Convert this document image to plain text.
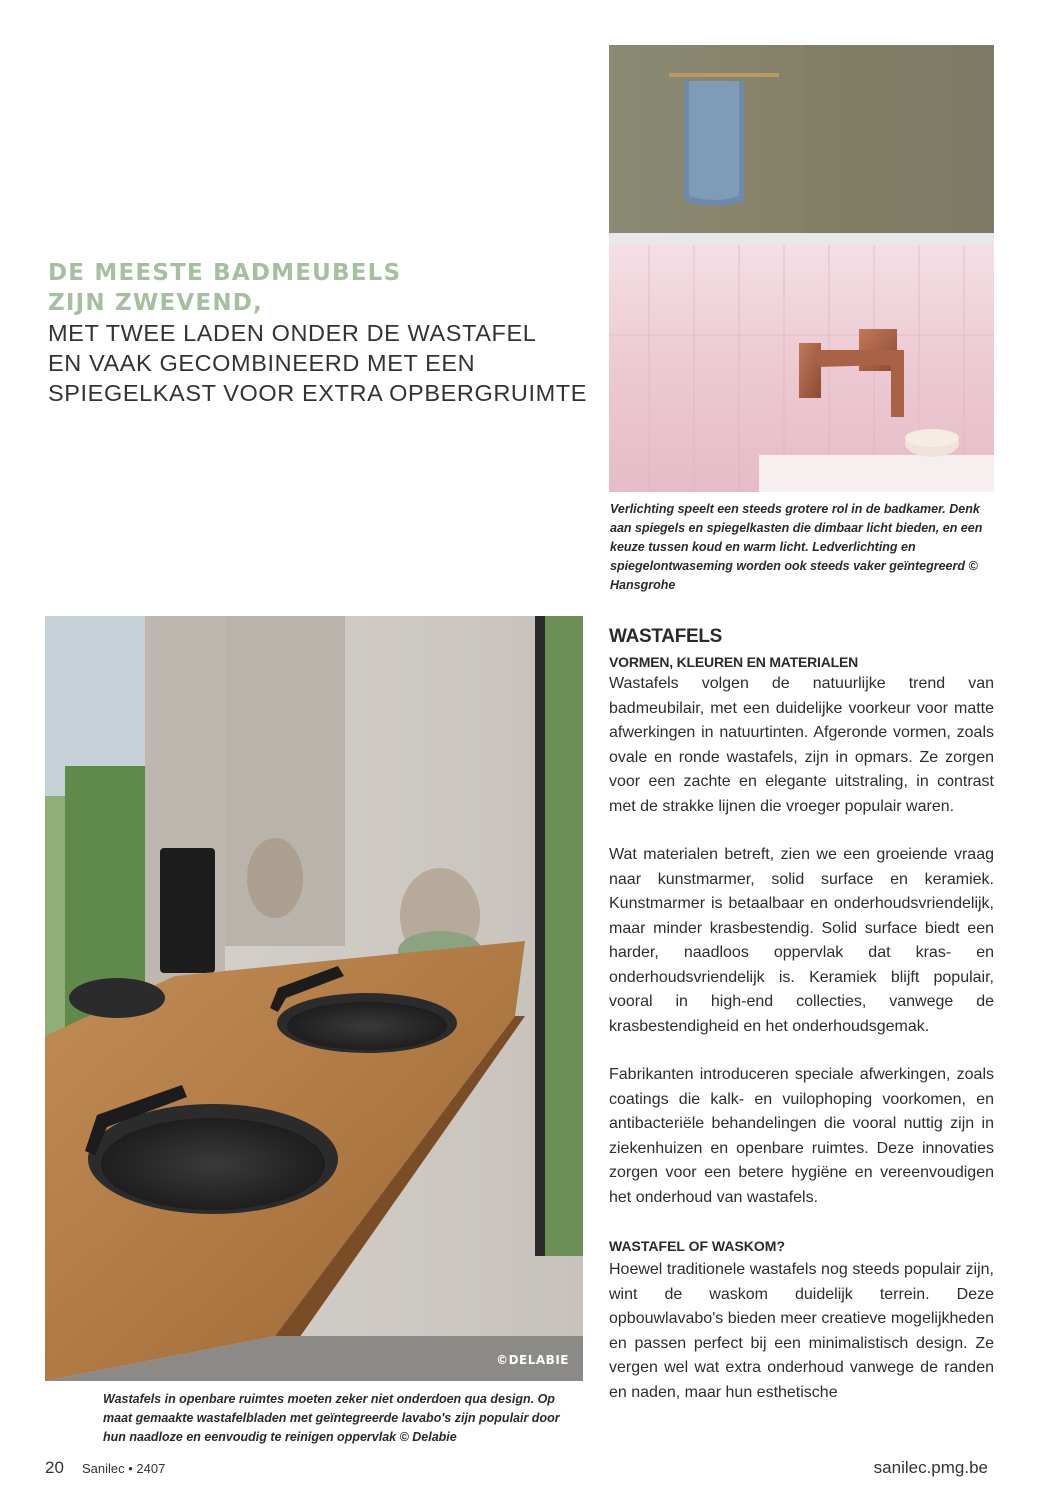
DE MEESTE BADMEUBELS
ZIJN ZWEVEND,
MET TWEE LADEN ONDER DE WASTAFEL
EN VAAK GECOMBINEERD MET EEN
SPIEGELKAST VOOR EXTRA OPBERGRUIMTE
Verlichting speelt een steeds grotere rol in de badkamer. Denk aan spiegels en spiegelkasten die dimbaar licht bieden, en een keuze tussen koud en warm licht. Ledverlichting en spiegelontwaseming worden ook steeds vaker geïntegreerd © Hansgrohe
©DELABIE
Wastafels in openbare ruimtes moeten zeker niet onderdoen qua design. Op maat gemaakte wastafelbladen met geïntegreerde lavabo's zijn populair door hun naadloze en eenvoudig te reinigen oppervlak © Delabie
WASTAFELS
VORMEN, KLEUREN EN MATERIALEN

Wastafels volgen de natuurlijke trend van badmeubilair, met een duidelijke voorkeur voor matte afwerkingen in natuurtinten. Afgeronde vormen, zoals ovale en ronde wastafels, zijn in opmars. Ze zorgen voor een zachte en elegante uitstraling, in contrast met de strakke lijnen die vroeger populair waren.

Wat materialen betreft, zien we een groeiende vraag naar kunstmarmer, solid surface en keramiek. Kunstmarmer is betaalbaar en onderhoudsvriendelijk, maar minder krasbestendig. Solid surface biedt een harder, naadloos oppervlak dat kras- en onderhoudsvriendelijk is. Keramiek blijft populair, vooral in high-end collecties, vanwege de krasbestendigheid en het onderhoudsgemak.

Fabrikanten introduceren speciale afwerkingen, zoals coatings die kalk- en vuilophoping voorkomen, en antibacteriële behandelingen die vooral nuttig zijn in ziekenhuizen en openbare ruimtes. Deze innovaties zorgen voor een betere hygiëne en vereenvoudigen het onderhoud van wastafels.

WASTAFEL OF WASKOM?

Hoewel traditionele wastafels nog steeds populair zijn, wint de waskom duidelijk terrein. Deze opbouwlavabo's bieden meer creatieve mogelijkheden en passen perfect bij een minimalistisch design. Ze vergen wel wat extra onderhoud vanwege de randen en naden, maar hun esthetische

20 Sanilec • 2407	sanilec.pmg.be
